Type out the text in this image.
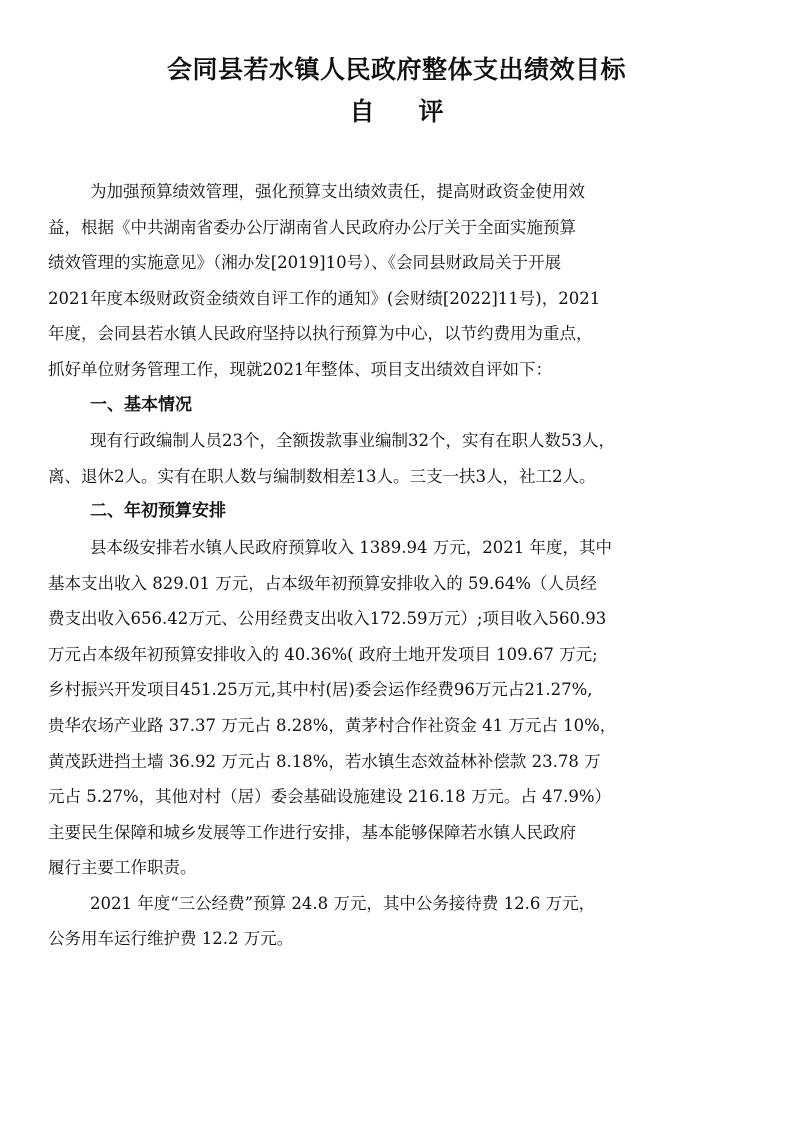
会同县若水镇人民政府整体支出绩效目标
自评
为加强预算绩效管理，强化预算支出绩效责任，提高财政资金使用效
益，根据《中共湖南省委办公厅湖南省人民政府办公厅关于全面实施预算
绩效管理的实施意见》（湘办发[2019]10号）、《会同县财政局关于开展
2021年度本级财政资金绩效自评工作的通知》(会财绩[2022]11号)，2021
年度，会同县若水镇人民政府坚持以执行预算为中心，以节约费用为重点，
抓好单位财务管理工作，现就2021年整体、项目支出绩效自评如下：
一、基本情况
现有行政编制人员23个，全额拨款事业编制32个，实有在职人数53人，
离、退休2人。实有在职人数与编制数相差13人。三支一扶3人，社工2人。
二、年初预算安排
县本级安排若水镇人民政府预算收入 1389.94 万元，2021 年度，其中
基本支出收入 829.01 万元，占本级年初预算安排收入的 59.64%（人员经
费支出收入656.42万元、公用经费支出收入172.59万元）;项目收入560.93
万元占本级年初预算安排收入的 40.36%( 政府土地开发项目 109.67 万元;
乡村振兴开发项目451.25万元,其中村(居)委会运作经费96万元占21.27%,
贵华农场产业路 37.37 万元占 8.28%，黄茅村合作社资金 41 万元占 10%，
黄茂跃进挡土墙 36.92 万元占 8.18%，若水镇生态效益林补偿款 23.78 万
元占 5.27%，其他对村（居）委会基础设施建设 216.18 万元。占 47.9%）
主要民生保障和城乡发展等工作进行安排，基本能够保障若水镇人民政府
履行主要工作职责。
2021 年度“三公经费”预算 24.8 万元，其中公务接待费 12.6 万元，
公务用车运行维护费 12.2 万元。
